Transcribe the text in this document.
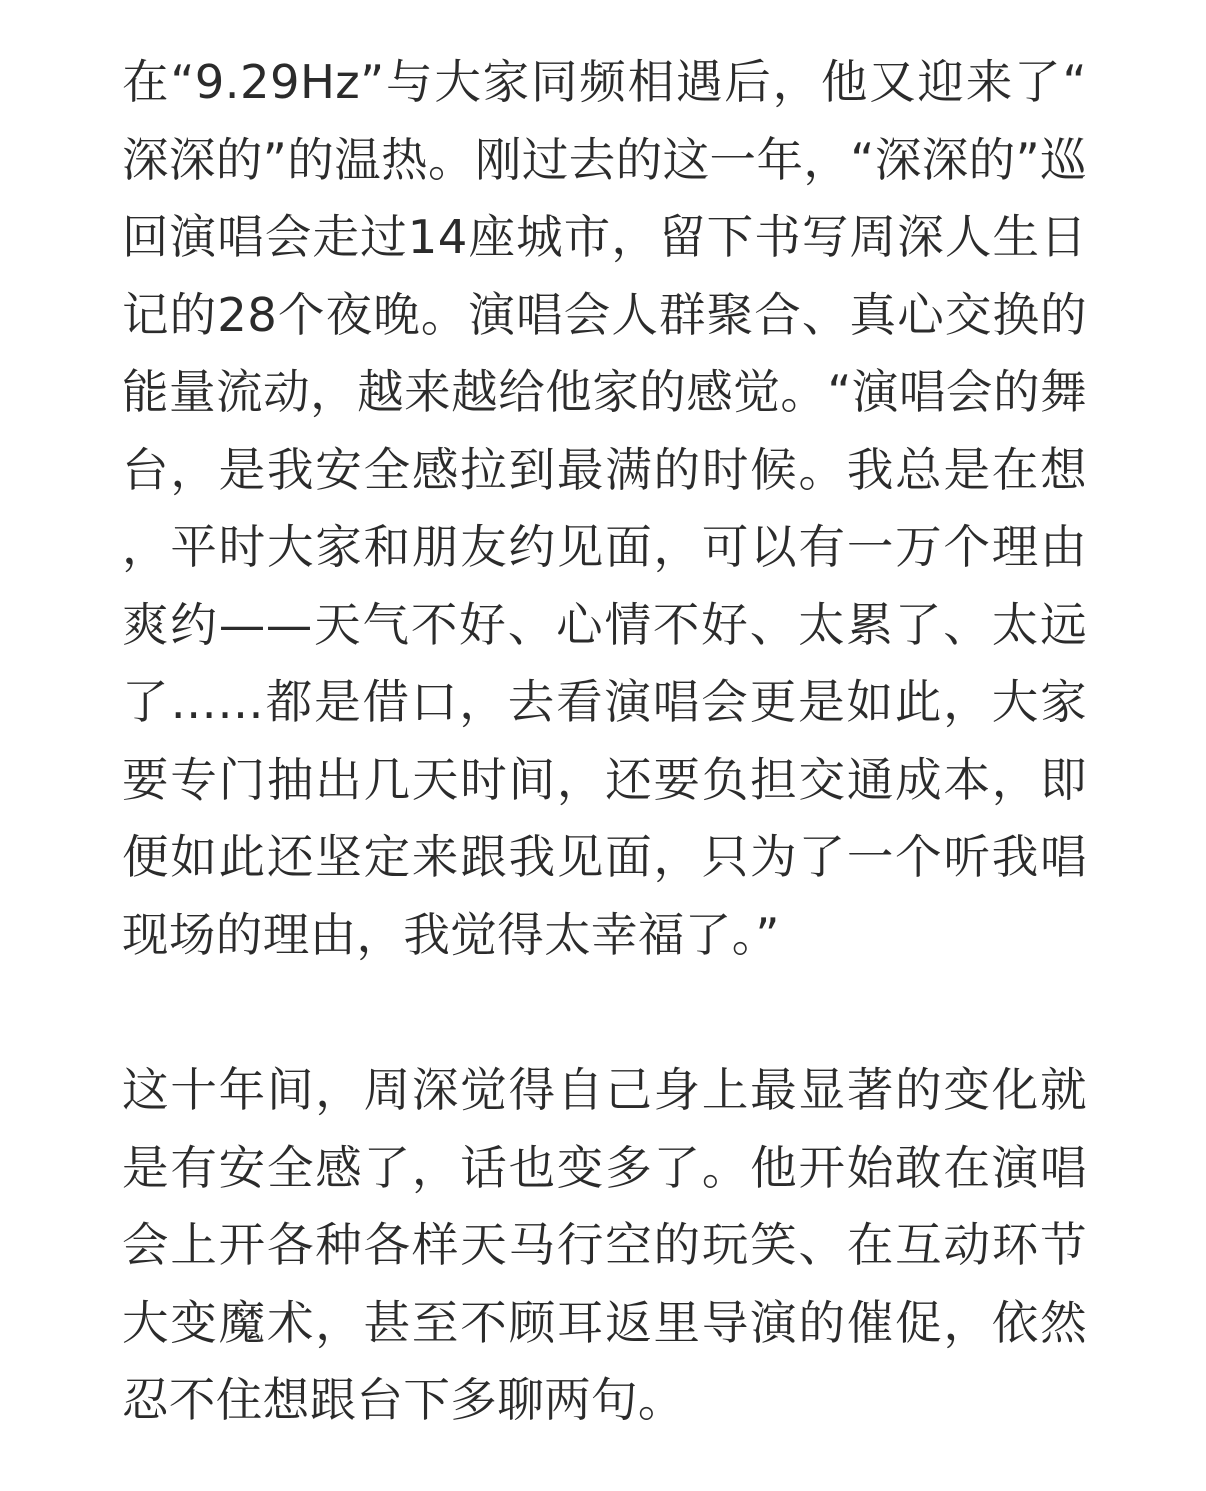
在“9.29Hz”与大家同频相遇后，他又迎来了“深深的”的温热。刚过去的这一年，“深深的”巡回演唱会走过14座城市，留下书写周深人生日记的28个夜晚。演唱会人群聚合、真心交换的能量流动，越来越给他家的感觉。“演唱会的舞台，是我安全感拉到最满的时候。我总是在想，平时大家和朋友约见面，可以有一万个理由爽约——天气不好、心情不好、太累了、太远了……都是借口，去看演唱会更是如此，大家要专门抽出几天时间，还要负担交通成本，即便如此还坚定来跟我见面，只为了一个听我唱现场的理由，我觉得太幸福了。”

这十年间，周深觉得自己身上最显著的变化就是有安全感了，话也变多了。他开始敢在演唱会上开各种各样天马行空的玩笑、在互动环节大变魔术，甚至不顾耳返里导演的催促，依然忍不住想跟台下多聊两句。
